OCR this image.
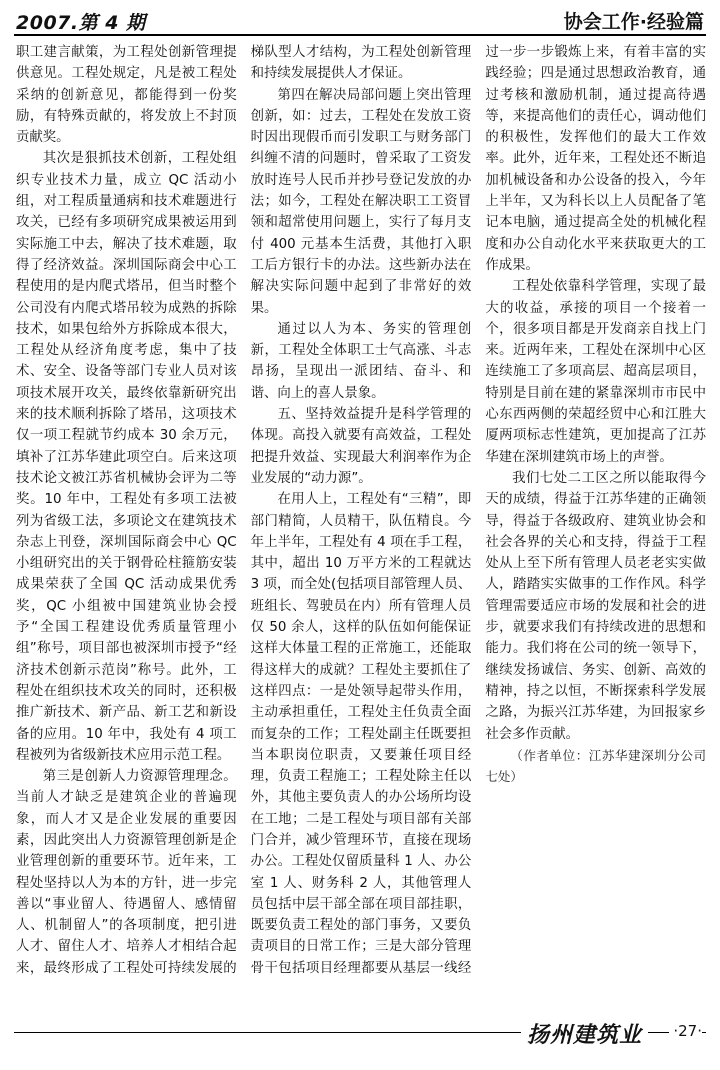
2007.第 4 期	协会工作·经验篇

职工建言献策，为工程处创新管理提供意见。工程处规定，凡是被工程处采纳的创新意见，都能得到一份奖励，有特殊贡献的，将发放上不封顶贡献奖。

其次是狠抓技术创新，工程处组织专业技术力量，成立 QC 活动小组，对工程质量通病和技术难题进行攻关，已经有多项研究成果被运用到实际施工中去，解决了技术难题，取得了经济效益。深圳国际商会中心工程使用的是内爬式塔吊，但当时整个公司没有内爬式塔吊较为成熟的拆除技术，如果包给外方拆除成本很大，工程处从经济角度考虑，集中了技术、安全、设备等部门专业人员对该项技术展开攻关，最终依靠新研究出来的技术顺利拆除了塔吊，这项技术仅一项工程就节约成本 30 余万元，填补了江苏华建此项空白。后来这项技术论文被江苏省机械协会评为二等奖。10 年中，工程处有多项工法被列为省级工法，多项论文在建筑技术杂志上刊登，深圳国际商会中心 QC 小组研究出的关于钢骨砼柱箍筋安装成果荣获了全国 QC 活动成果优秀奖，QC 小组被中国建筑业协会授予“全国工程建设优秀质量管理小组”称号，项目部也被深圳市授予“经济技术创新示范岗”称号。此外，工程处在组织技术攻关的同时，还积极推广新技术、新产品、新工艺和新设备的应用。10 年中，我处有 4 项工程被列为省级新技术应用示范工程。

第三是创新人力资源管理理念。当前人才缺乏是建筑企业的普遍现象，而人才又是企业发展的重要因素，因此突出人力资源管理创新是企业管理创新的重要环节。近年来，工程处坚持以人为本的方针，进一步完善以“事业留人、待遇留人、感情留人、机制留人”的各项制度，把引进人才、留住人才、培养人才相结合起来，最终形成了工程处可持续发展的梯队型人才结构，为工程处创新管理和持续发展提供人才保证。

第四在解决局部问题上突出管理创新，如：过去，工程处在发放工资时因出现假币而引发职工与财务部门纠缠不清的问题时，曾采取了工资发放时连号人民币并抄号登记发放的办法；如今，工程处在解决职工工资冒领和超常使用问题上，实行了每月支付 400 元基本生活费，其他打入职工后方银行卡的办法。这些新办法在解决实际问题中起到了非常好的效果。

通过以人为本、务实的管理创新，工程处全体职工士气高涨、斗志昂扬，呈现出一派团结、奋斗、和谐、向上的喜人景象。

五、坚持效益提升是科学管理的体现。高投入就要有高效益，工程处把提升效益、实现最大利润率作为企业发展的“动力源”。

在用人上，工程处有“三精”，即部门精简，人员精干，队伍精良。今年上半年，工程处有 4 项在手工程，其中，超出 10 万平方米的工程就达 3 项，而全处(包括项目部管理人员、班组长、驾驶员在内）所有管理人员仅 50 余人，这样的队伍如何能保证这样大体量工程的正常施工，还能取得这样大的成就？工程处主要抓住了这样四点：一是处领导起带头作用，主动承担重任，工程处主任负责全面而复杂的工作；工程处副主任既要担当本职岗位职责，又要兼任项目经理，负责工程施工；工程处除主任以外，其他主要负责人的办公场所均设在工地；二是工程处与项目部有关部门合并，减少管理环节，直接在现场办公。工程处仅留质量科 1 人、办公室 1 人、财务科 2 人，其他管理人员包括中层干部全部在项目部挂职，既要负责工程处的部门事务，又要负责项目的日常工作；三是大部分管理骨干包括项目经理都要从基层一线经过一步一步锻炼上来，有着丰富的实践经验；四是通过思想政治教育，通过考核和激励机制，通过提高待遇等，来提高他们的责任心，调动他们的积极性，发挥他们的最大工作效率。此外，近年来，工程处还不断追加机械设备和办公设备的投入，今年上半年，又为科长以上人员配备了笔记本电脑，通过提高全处的机械化程度和办公自动化水平来获取更大的工作成果。

工程处依靠科学管理，实现了最大的收益，承接的项目一个接着一个，很多项目都是开发商亲自找上门来。近两年来，工程处在深圳中心区连续施工了多项高层、超高层项目，特别是目前在建的紧靠深圳市市民中心东西两侧的荣超经贸中心和江胜大厦两项标志性建筑，更加提高了江苏华建在深圳建筑市场上的声誉。

我们七处二工区之所以能取得今天的成绩，得益于江苏华建的正确领导，得益于各级政府、建筑业协会和社会各界的关心和支持，得益于工程处从上至下所有管理人员老老实实做人，踏踏实实做事的工作作风。科学管理需要适应市场的发展和社会的进步，就要求我们有持续改进的思想和能力。我们将在公司的统一领导下，继续发扬诚信、务实、创新、高效的精神，持之以恒，不断探索科学发展之路，为振兴江苏华建，为回报家乡社会多作贡献。

（作者单位：江苏华建深圳分公司七处）

扬州建筑业	·27·
